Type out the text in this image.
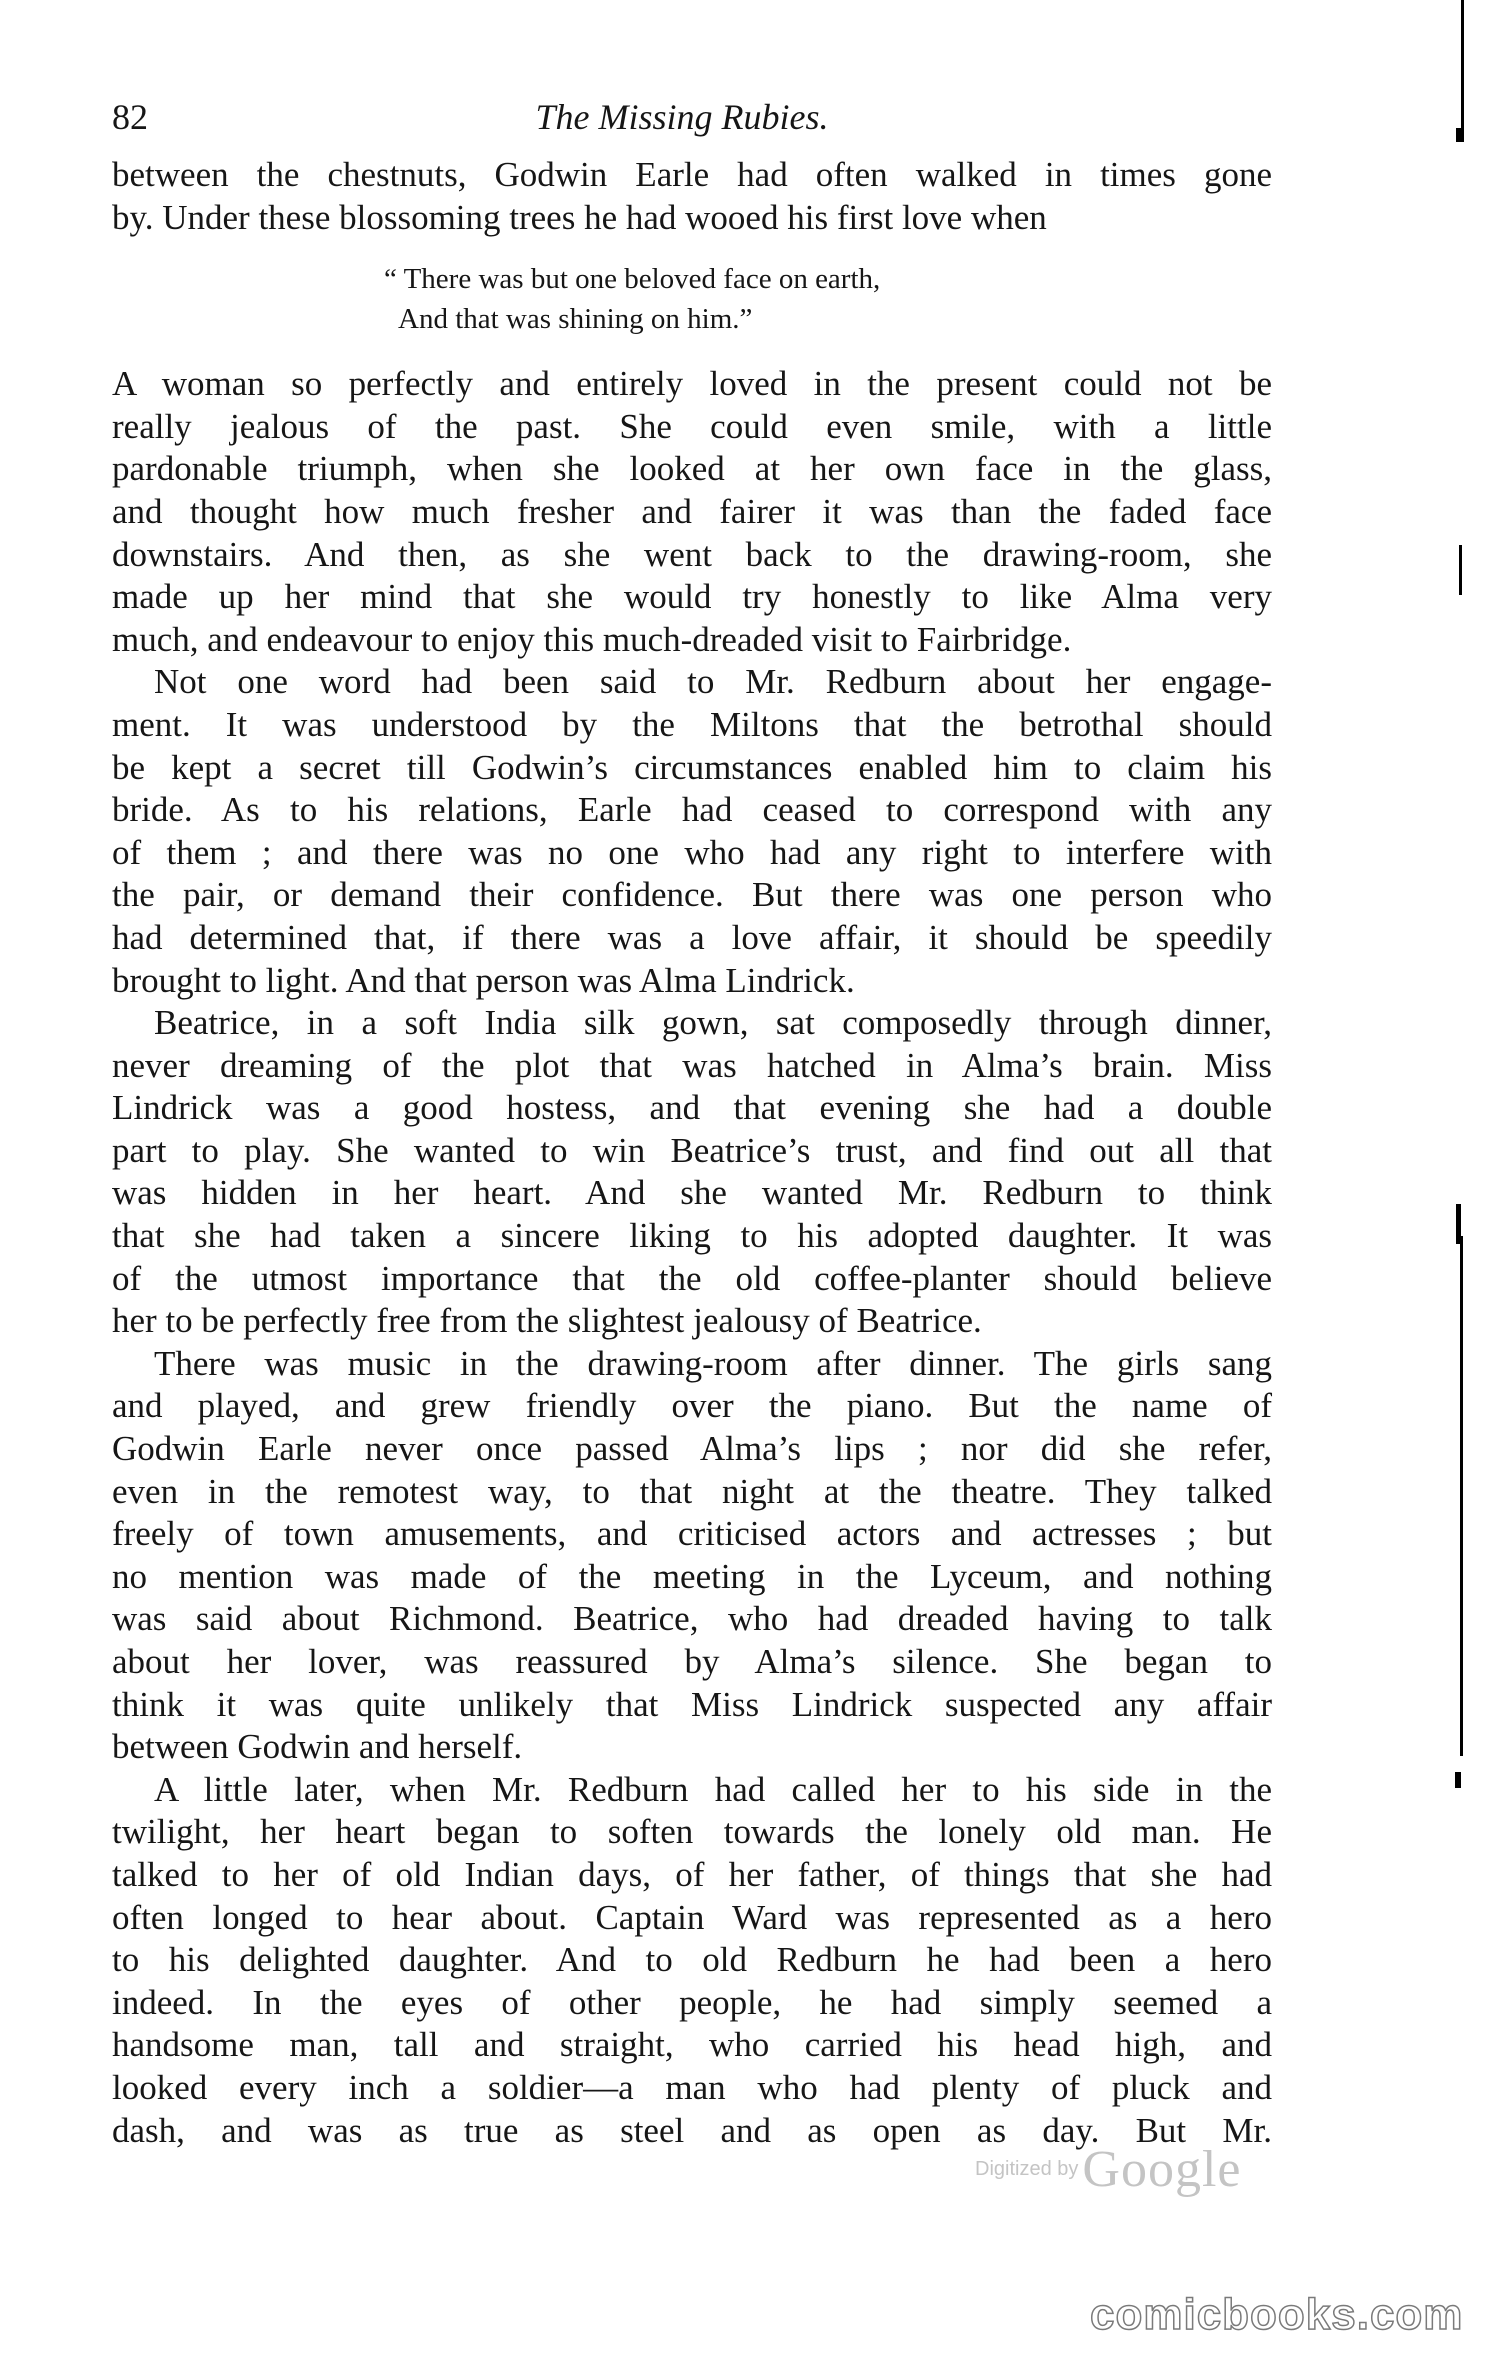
82	The Missing Rubies.

between the chestnuts, Godwin Earle had often walked in times gone
by. Under these blossoming trees he had wooed his first love when

“ There was but one beloved face on earth,
And that was shining on him.”

A woman so perfectly and entirely loved in the present could not be
really jealous of the past. She could even smile, with a little
pardonable triumph, when she looked at her own face in the glass,
and thought how much fresher and fairer it was than the faded face
downstairs. And then, as she went back to the drawing-room, she
made up her mind that she would try honestly to like Alma very
much, and endeavour to enjoy this much-dreaded visit to Fairbridge.

Not one word had been said to Mr. Redburn about her engage-
ment. It was understood by the Miltons that the betrothal should
be kept a secret till Godwin’s circumstances enabled him to claim his
bride. As to his relations, Earle had ceased to correspond with any
of them ; and there was no one who had any right to interfere with
the pair, or demand their confidence. But there was one person who
had determined that, if there was a love affair, it should be speedily
brought to light. And that person was Alma Lindrick.

Beatrice, in a soft India silk gown, sat composedly through dinner,
never dreaming of the plot that was hatched in Alma’s brain. Miss
Lindrick was a good hostess, and that evening she had a double
part to play. She wanted to win Beatrice’s trust, and find out all that
was hidden in her heart. And she wanted Mr. Redburn to think
that she had taken a sincere liking to his adopted daughter. It was
of the utmost importance that the old coffee-planter should believe
her to be perfectly free from the slightest jealousy of Beatrice.

There was music in the drawing-room after dinner. The girls sang
and played, and grew friendly over the piano. But the name of
Godwin Earle never once passed Alma’s lips ; nor did she refer,
even in the remotest way, to that night at the theatre. They talked
freely of town amusements, and criticised actors and actresses ; but
no mention was made of the meeting in the Lyceum, and nothing
was said about Richmond. Beatrice, who had dreaded having to talk
about her lover, was reassured by Alma’s silence. She began to
think it was quite unlikely that Miss Lindrick suspected any affair
between Godwin and herself.

A little later, when Mr. Redburn had called her to his side in the
twilight, her heart began to soften towards the lonely old man. He
talked to her of old Indian days, of her father, of things that she had
often longed to hear about. Captain Ward was represented as a hero
to his delighted daughter. And to old Redburn he had been a hero
indeed. In the eyes of other people, he had simply seemed a
handsome man, tall and straight, who carried his head high, and
looked every inch a soldier—a man who had plenty of pluck and
dash, and was as true as steel and as open as day. But Mr.

Digitized by Google
comicbooks.com
